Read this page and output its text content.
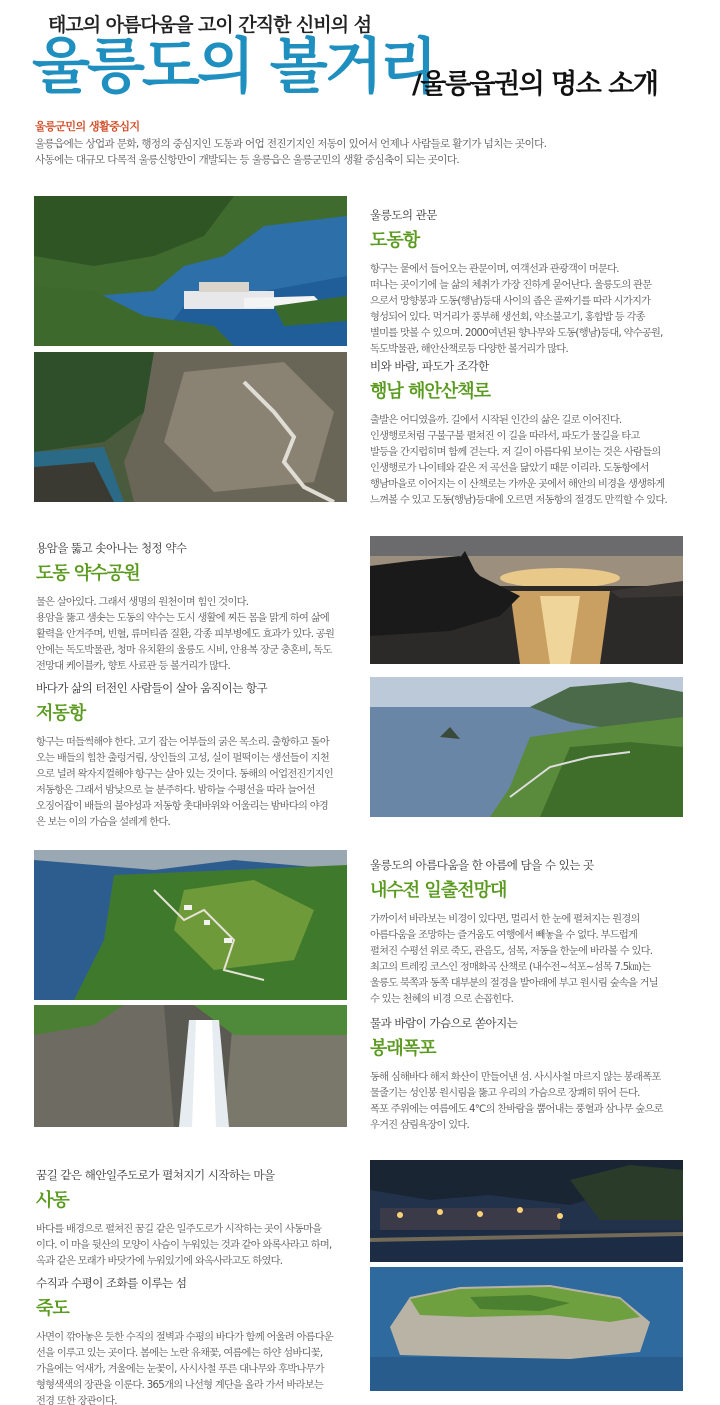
태고의 아름다움을 고이 간직한 신비의 섬
울릉도의 볼거리
/울릉읍권의 명소 소개
울릉군민의 생활중심지
울릉읍에는 상업과 문화, 행정의 중심지인 도동과 어업 전진기지인 저동이 있어서 언제나 사람들로 활기가 넘치는 곳이다.
사동에는 대규모 다목적 울릉신항만이 개발되는 등 울릉읍은 울릉군민의 생활 중심축이 되는 곳이다.
울릉도의 관문
도동항
항구는 뭍에서 들어오는 관문이며, 여객선과 관광객이 머문다.
떠나는 곳이기에 늘 삶의 체취가 가장 진하게 묻어난다. 울릉도의 관문
으로서 망향봉과 도동(행남)등대 사이의 좁은 골짜기를 따라 시가지가
형성되어 있다. 먹거리가 풍부해 생선회, 약소불고기, 홍합밥 등 각종
별미를 맛볼 수 있으며. 2000여년된 향나무와 도동(행남)등대, 약수공원,
독도박물관, 해안산책로등 다양한 볼거리가 많다.
비와 바람, 파도가 조각한
행남 해안산책로
출발은 어디였을까. 길에서 시작된 인간의 삶은 길로 이어진다.
인생행로처럼 구불구불 펼쳐진 이 길을 따라서, 파도가 물길을 타고
발등을 간지럽히며 함께 걷는다. 저 길이 아름다워 보이는 것은 사람들의
인생행로가 나이테와 같은 저 곡선을 닮았기 때문 이리라. 도동항에서
행남마을로 이어지는 이 산책로는 가까운 곳에서 해안의 비경을 생생하게
느껴볼 수 있고 도동(행남)등대에 오르면 저동항의 절경도 만끽할 수 있다.
용암을 뚫고 솟아나는 청정 약수
도동 약수공원
물은 살아있다. 그래서 생명의 원천이며 힘인 것이다.
용암을 뚫고 샘솟는 도동의 약수는 도시 생활에 찌든 몸을 맑게 하여 삶에
활력을 안겨주며, 빈혈, 류머티즘 질환, 각종 피부병에도 효과가 있다. 공원
안에는 독도박물관, 청마 유치환의 울릉도 시비, 안용복 장군 충혼비, 독도
전망대 케이블카, 향토 사료관 등 볼거리가 많다.
바다가 삶의 터전인 사람들이 살아 움직이는 항구
저동항
항구는 떠들썩해야 한다. 고기 잡는 어부들의 굵은 목소리. 출항하고 돌아
오는 배들의 힘찬 출렁거림, 상인들의 고성, 실이 펄떡이는 생선들이 지천
으로 널려 왁자지껄해야 항구는 살아 있는 것이다. 동해의 어업전진기지인
저동항은 그래서 밤낮으로 늘 분주하다. 밤하늘 수평선을 따라 늘어선
오징어잡이 배들의 불야성과 저동항 촛대바위와 어울리는 밤바다의 야경
은 보는 이의 가슴을 설레게 한다.
울릉도의 아름다움을 한 아름에 담을 수 있는 곳
내수전 일출전망대
가까이서 바라보는 비경이 있다면, 멀리서 한 눈에 펼쳐지는 원경의
아름다움을 조망하는 즐거움도 여행에서 빼놓을 수 없다. 부드럽게
펼쳐진 수평선 위로 죽도, 관음도, 섬목, 저동을 한눈에 바라볼 수 있다.
최고의 트레킹 코스인 정매화곡 산책로 (내수전~석포~섬목 7.5㎞)는
울릉도 북쪽과 동쪽 대부분의 절경을 발아래에 부고 원시림 숲속을 거닐
수 있는 천혜의 비경 으로 손꼽힌다.
물과 바람이 가슴으로 쏟아지는
봉래폭포
동해 심해바다 해저 화산이 만들어낸 섬. 사시사철 마르지 않는 봉래폭포
물줄기는 성인봉 원시림을 뚫고 우리의 가슴으로 장쾌히 뛰어 든다.
폭포 주위에는 여름에도 4℃의 찬바람을 뿜어내는 풍혈과 삼나무 숲으로
우거진 삼림욕장이 있다.
꿈길 같은 해안일주도로가 펼쳐지기 시작하는 마을
사동
바다를 배경으로 펼쳐진 꿈길 같은 일주도로가 시작하는 곳이 사동마을
이다. 이 마을 뒷산의 모양이 사슴이 누워있는 것과 같아 와록사라고 하며,
옥과 같은 모래가 바닷가에 누워있기에 와옥사라고도 하였다.
수직과 수평이 조화를 이루는 섬
죽도
사면이 깎아놓은 듯한 수직의 절벽과 수평의 바다가 함께 어울려 아름다운
선을 이루고 있는 곳이다. 봄에는 노란 유채꽃, 여름에는 하얀 섬바디꽃,
가을에는 억새가, 겨울에는 눈꽃이, 사시사철 푸른 대나무와 후박나무가
형형색색의 장관을 이룬다. 365개의 나선형 계단을 올라 가서 바라보는
전경 또한 장관이다.
